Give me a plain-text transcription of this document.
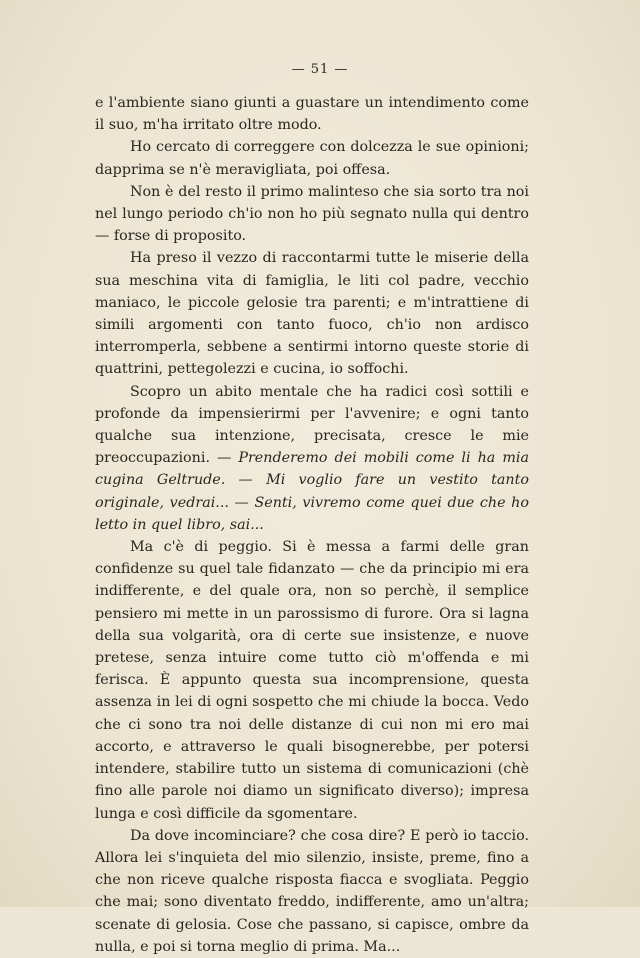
— 51 —

e l'ambiente siano giunti a guastare un intendimento come il suo, m'ha irritato oltre modo.

Ho cercato di correggere con dolcezza le sue opinioni; dapprima se n'è meravigliata, poi offesa.

Non è del resto il primo malinteso che sia sorto tra noi nel lungo periodo ch'io non ho più segnato nulla qui dentro — forse di proposito.

Ha preso il vezzo di raccontarmi tutte le miserie della sua meschina vita di famiglia, le liti col padre, vecchio maniaco, le piccole gelosie tra parenti; e m'intrattiene di simili argomenti con tanto fuoco, ch'io non ardisco interromperla, sebbene a sentirmi intorno queste storie di quattrini, pettegolezzi e cucina, io soffochi.

Scopro un abito mentale che ha radici così sottili e profonde da impensierirmi per l'avvenire; e ogni tanto qualche sua intenzione, precisata, cresce le mie preoccupazioni. — Prenderemo dei mobili come li ha mia cugina Geltrude. — Mi voglio fare un vestito tanto originale, vedrai... — Senti, vivremo come quei due che ho letto in quel libro, sai...

Ma c'è di peggio. Si è messa a farmi delle gran confidenze su quel tale fidanzato — che da principio mi era indifferente, e del quale ora, non so perchè, il semplice pensiero mi mette in un parossismo di furore. Ora si lagna della sua volgarità, ora di certe sue insistenze, e nuove pretese, senza intuire come tutto ciò m'offenda e mi ferisca. È appunto questa sua incomprensione, questa assenza in lei di ogni sospetto che mi chiude la bocca. Vedo che ci sono tra noi delle distanze di cui non mi ero mai accorto, e attraverso le quali bisognerebbe, per potersi intendere, stabilire tutto un sistema di comunicazioni (chè fino alle parole noi diamo un significato diverso); impresa lunga e così difficile da sgomentare.

Da dove incominciare? che cosa dire? E però io taccio. Allora lei s'inquieta del mio silenzio, insiste, preme, fino a che non riceve qualche risposta fiacca e svogliata. Peggio che mai; sono diventato freddo, indifferente, amo un'altra; scenate di gelosia. Cose che passano, si capisce, ombre da nulla, e poi si torna meglio di prima. Ma...
